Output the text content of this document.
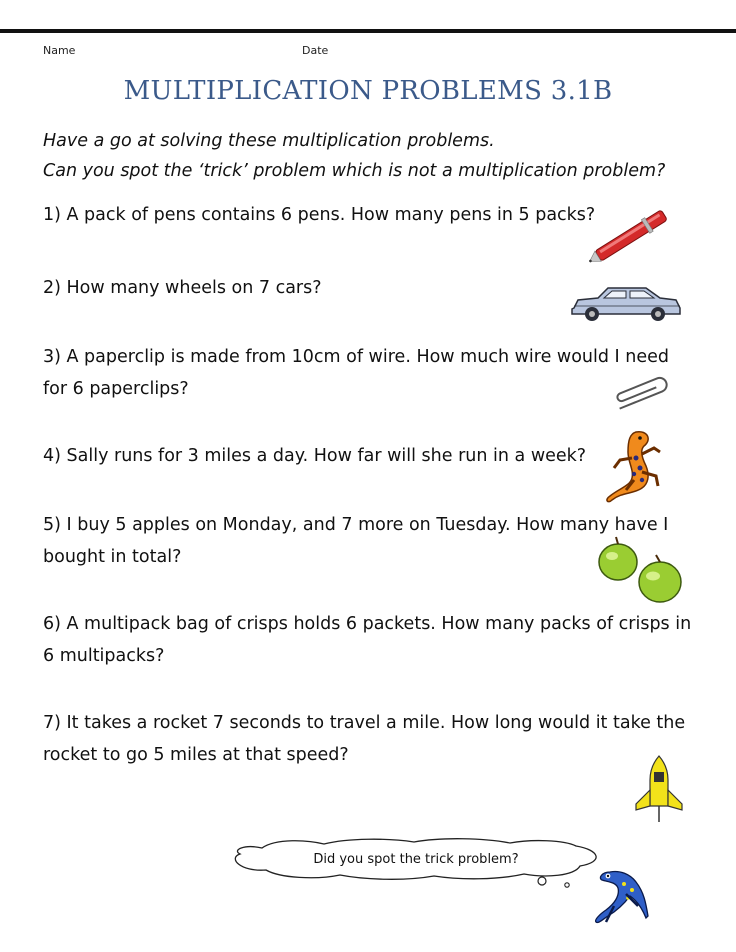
Name	Date
MULTIPLICATION PROBLEMS 3.1B
Have a go at solving these multiplication problems.
Can you spot the ‘trick’ problem which is not a multiplication problem?
1) A pack of pens contains 6 pens. How many pens in 5 packs?
2) How many wheels on 7 cars?
3) A paperclip is made from 10cm of wire. How much wire would I need for 6 paperclips?
4) Sally runs for 3 miles a day. How far will she run in a week?
5) I buy 5 apples on Monday, and 7 more on Tuesday. How many have I bought in total?
6) A multipack bag of crisps holds 6 packets. How many packs of crisps in 6 multipacks?
7) It takes a rocket 7 seconds to travel a mile. How long would it take the rocket to go 5 miles at that speed?
Did you spot the trick problem?
